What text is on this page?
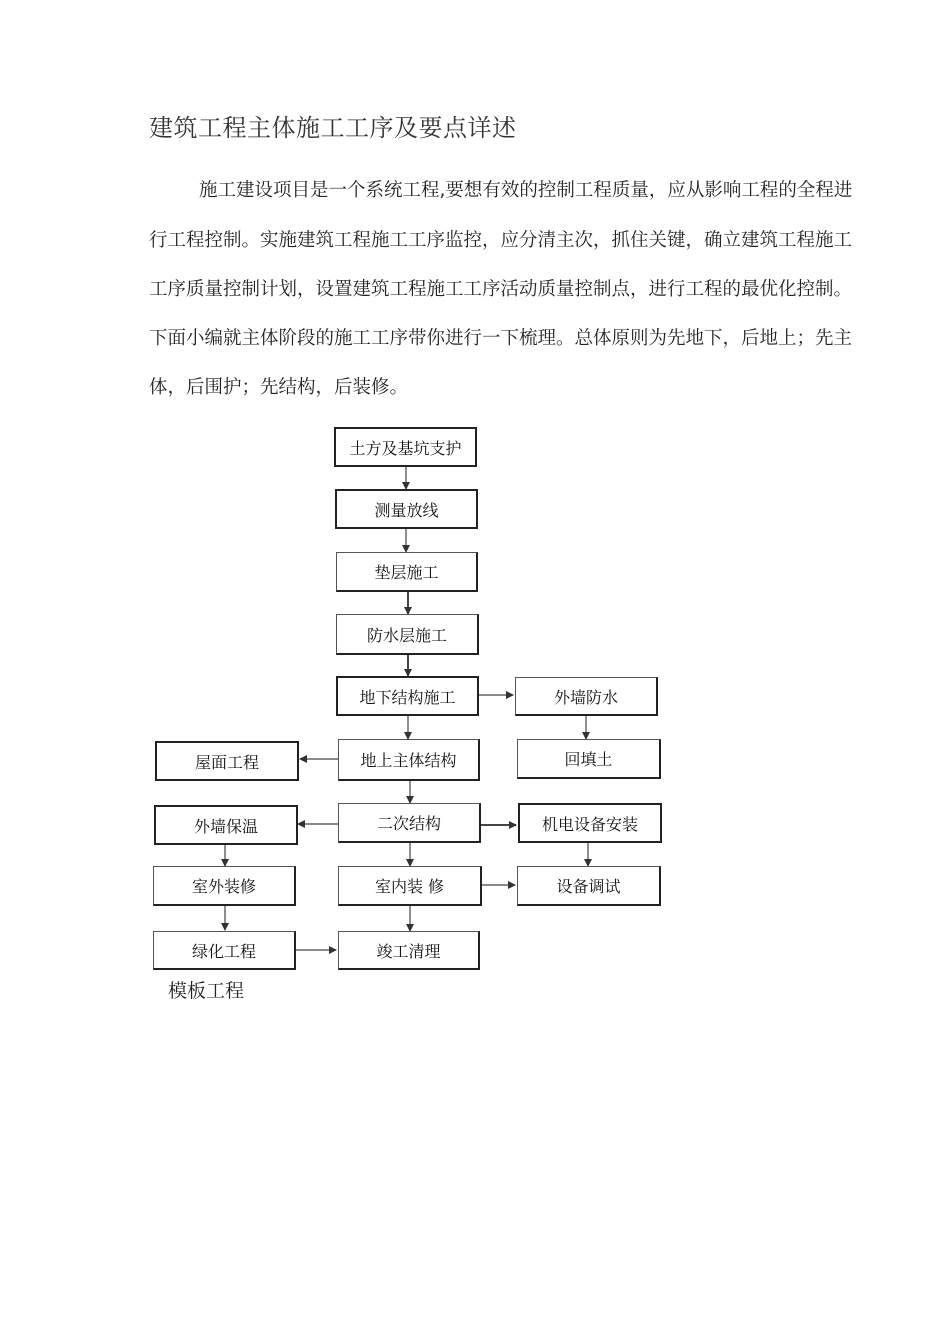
建筑工程主体施工工序及要点详述
施工建设项目是一个系统工程,要想有效的控制工程质量，应从影响工程的全程进
行工程控制。实施建筑工程施工工序监控，应分清主次，抓住关键，确立建筑工程施工
工序质量控制计划，设置建筑工程施工工序活动质量控制点，进行工程的最优化控制。
下面小编就主体阶段的施工工序带你进行一下梳理。总体原则为先地下，后地上；先主
体，后围护；先结构，后装修。
土方及基坑支护
测量放线
垫层施工
防水层施工
地下结构施工	外墙防水
地上主体结构
屋面工程	回填土
二次结构
外墙保温	机电设备安装
室外装修	室内装 修	设备调试
绿化工程	竣工清理
模板工程
